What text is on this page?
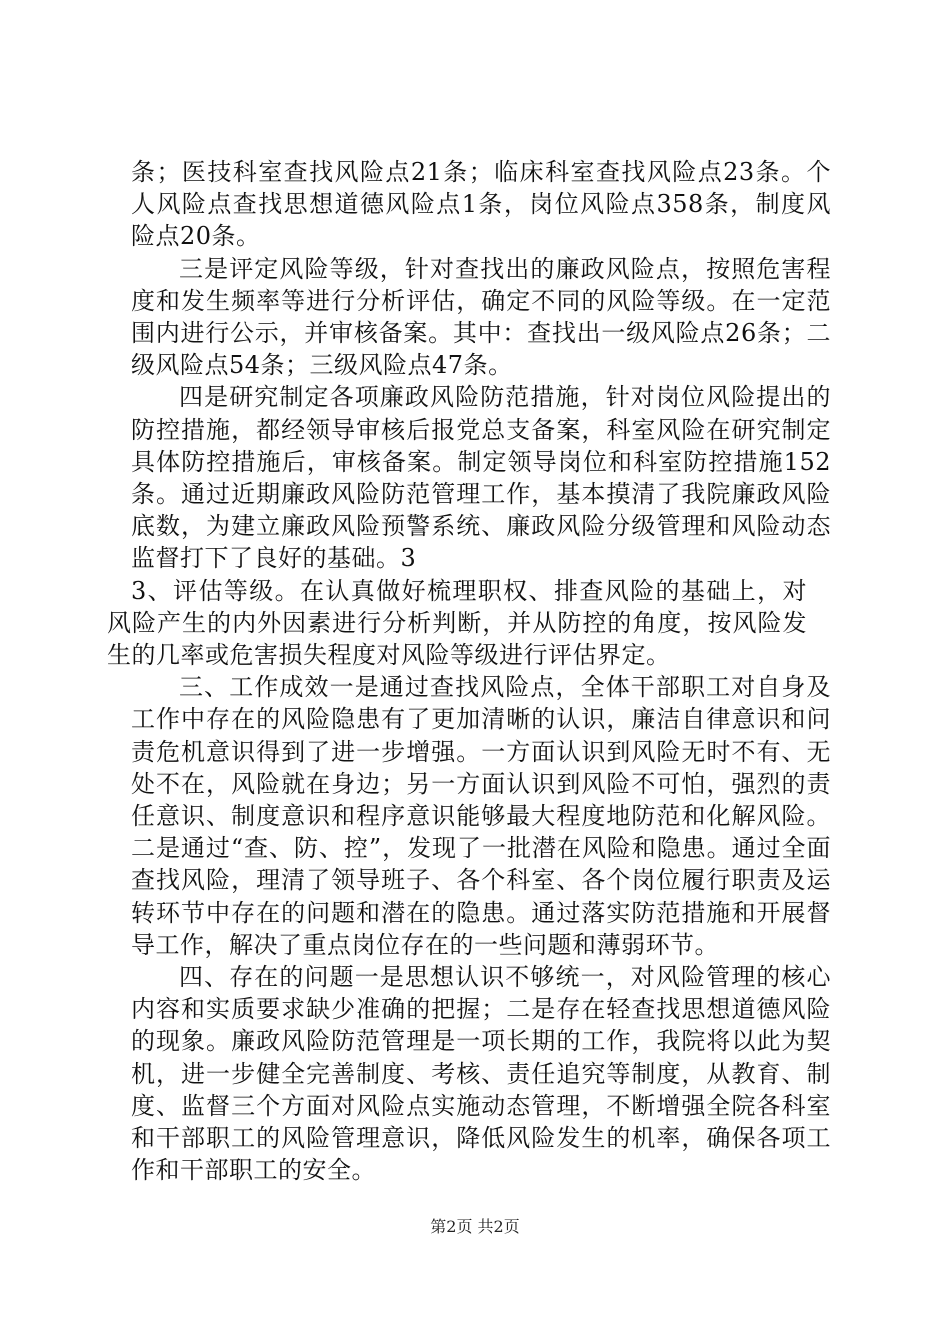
条；医技科室查找风险点21条；临床科室查找风险点23条。个人风险点查找思想道德风险点1条，岗位风险点358条，制度风险点20条。

三是评定风险等级，针对查找出的廉政风险点，按照危害程度和发生频率等进行分析评估，确定不同的风险等级。在一定范围内进行公示，并审核备案。其中：查找出一级风险点26条；二级风险点54条；三级风险点47条。

四是研究制定各项廉政风险防范措施，针对岗位风险提出的防控措施，都经领导审核后报党总支备案，科室风险在研究制定具体防控措施后，审核备案。制定领导岗位和科室防控措施152条。通过近期廉政风险防范管理工作，基本摸清了我院廉政风险底数，为建立廉政风险预警系统、廉政风险分级管理和风险动态监督打下了良好的基础。3

3、评估等级。在认真做好梳理职权、排查风险的基础上，对风险产生的内外因素进行分析判断，并从防控的角度，按风险发生的几率或危害损失程度对风险等级进行评估界定。

三、工作成效一是通过查找风险点，全体干部职工对自身及工作中存在的风险隐患有了更加清晰的认识，廉洁自律意识和问责危机意识得到了进一步增强。一方面认识到风险无时不有、无处不在，风险就在身边；另一方面认识到风险不可怕，强烈的责任意识、制度意识和程序意识能够最大程度地防范和化解风险。二是通过“查、防、控”，发现了一批潜在风险和隐患。通过全面查找风险，理清了领导班子、各个科室、各个岗位履行职责及运转环节中存在的问题和潜在的隐患。通过落实防范措施和开展督导工作，解决了重点岗位存在的一些问题和薄弱环节。

四、存在的问题一是思想认识不够统一，对风险管理的核心内容和实质要求缺少准确的把握；二是存在轻查找思想道德风险的现象。廉政风险防范管理是一项长期的工作，我院将以此为契机，进一步健全完善制度、考核、责任追究等制度，从教育、制度、监督三个方面对风险点实施动态管理，不断增强全院各科室和干部职工的风险管理意识，降低风险发生的机率，确保各项工作和干部职工的安全。

第2页 共2页
